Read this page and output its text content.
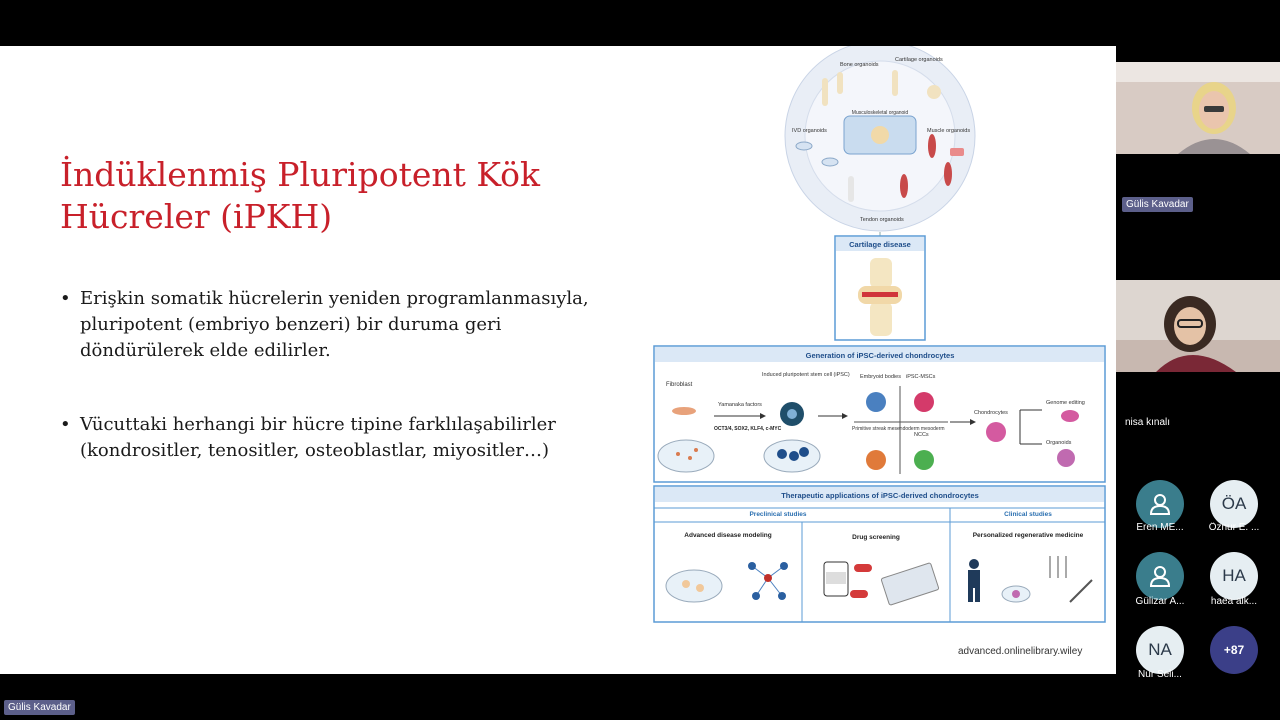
İndüklenmiş Pluripotent Kök Hücreler (iPKH)
• Erişkin somatik hücrelerin yeniden programlanmasıyla, pluripotent (embriyo benzeri) bir duruma geri döndürülerek elde edilirler.
• Vücuttaki herhangi bir hücre tipine farklılaşabilirler (kondrositler, tenositler, osteoblastlar, miyositler…)
Musculoskeletal organoid
Bone organoids
Cartilage organoids
Muscle organoids
Tendon organoids
IVD organoids
Cartilage disease
Generation of iPSC-derived chondrocytes
Fibroblast
Yamanaka factors
OCT3/4, SOX2, KLF4, c-MYC
Induced pluripotent stem cell (iPSC) Embryoid bodies iPSC-MSCs
Primitive streak mesendoderm mesoderm
NCCs
Chondrocytes
Genome editing
Organoids
Therapeutic applications of iPSC-derived chondrocytes
Preclinical studies	Clinical studies
Advanced disease modeling	Drug screening	Personalized regenerative medicine
advanced.onlinelibrary.wiley
Gülis Kavadar
nisa kınalı
Eren ME...
ÖA
Öznur E. ...
Gülizar A...
HA
haea alk...
NA
Nur Seli...
+87
Gülis Kavadar
